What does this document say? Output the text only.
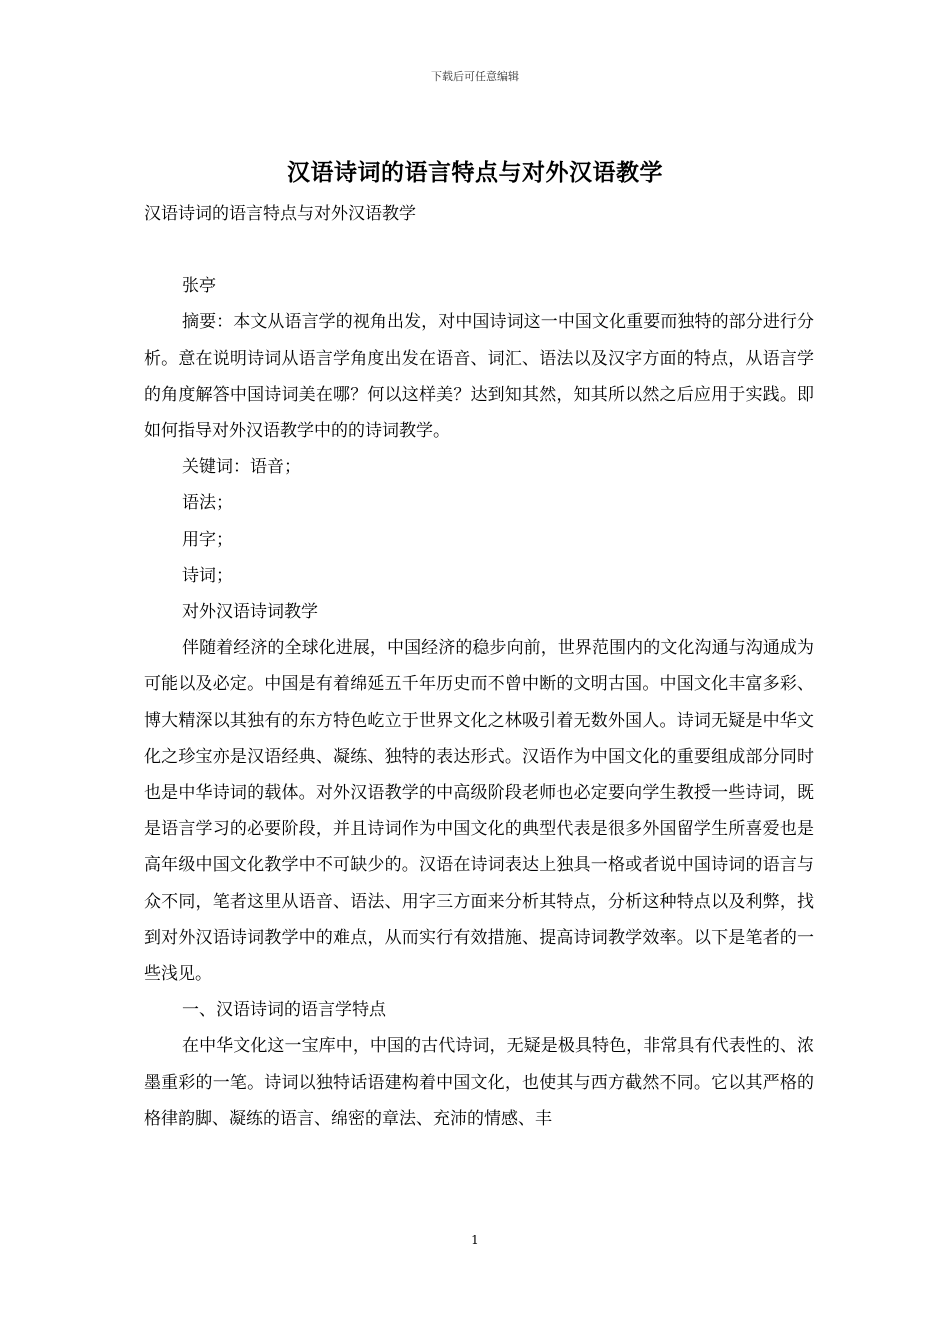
下载后可任意编辑
汉语诗词的语言特点与对外汉语教学

汉语诗词的语言特点与对外汉语教学

张亭

摘要：本文从语言学的视角出发，对中国诗词这一中国文化重要而独特的部分进行分析。意在说明诗词从语言学角度出发在语音、词汇、语法以及汉字方面的特点，从语言学的角度解答中国诗词美在哪？何以这样美？达到知其然，知其所以然之后应用于实践。即如何指导对外汉语教学中的的诗词教学。

关键词：语音；

语法；

用字；

诗词；

对外汉语诗词教学

伴随着经济的全球化进展，中国经济的稳步向前，世界范围内的文化沟通与沟通成为可能以及必定。中国是有着绵延五千年历史而不曾中断的文明古国。中国文化丰富多彩、博大精深以其独有的东方特色屹立于世界文化之林吸引着无数外国人。诗词无疑是中华文化之珍宝亦是汉语经典、凝练、独特的表达形式。汉语作为中国文化的重要组成部分同时也是中华诗词的载体。对外汉语教学的中高级阶段老师也必定要向学生教授一些诗词，既是语言学习的必要阶段，并且诗词作为中国文化的典型代表是很多外国留学生所喜爱也是高年级中国文化教学中不可缺少的。汉语在诗词表达上独具一格或者说中国诗词的语言与众不同，笔者这里从语音、语法、用字三方面来分析其特点，分析这种特点以及利弊，找到对外汉语诗词教学中的难点，从而实行有效措施、提高诗词教学效率。以下是笔者的一些浅见。

一、汉语诗词的语言学特点

在中华文化这一宝库中，中国的古代诗词，无疑是极具特色，非常具有代表性的、浓墨重彩的一笔。诗词以独特话语建构着中国文化，也使其与西方截然不同。它以其严格的格律韵脚、凝练的语言、绵密的章法、充沛的情感、丰

1
